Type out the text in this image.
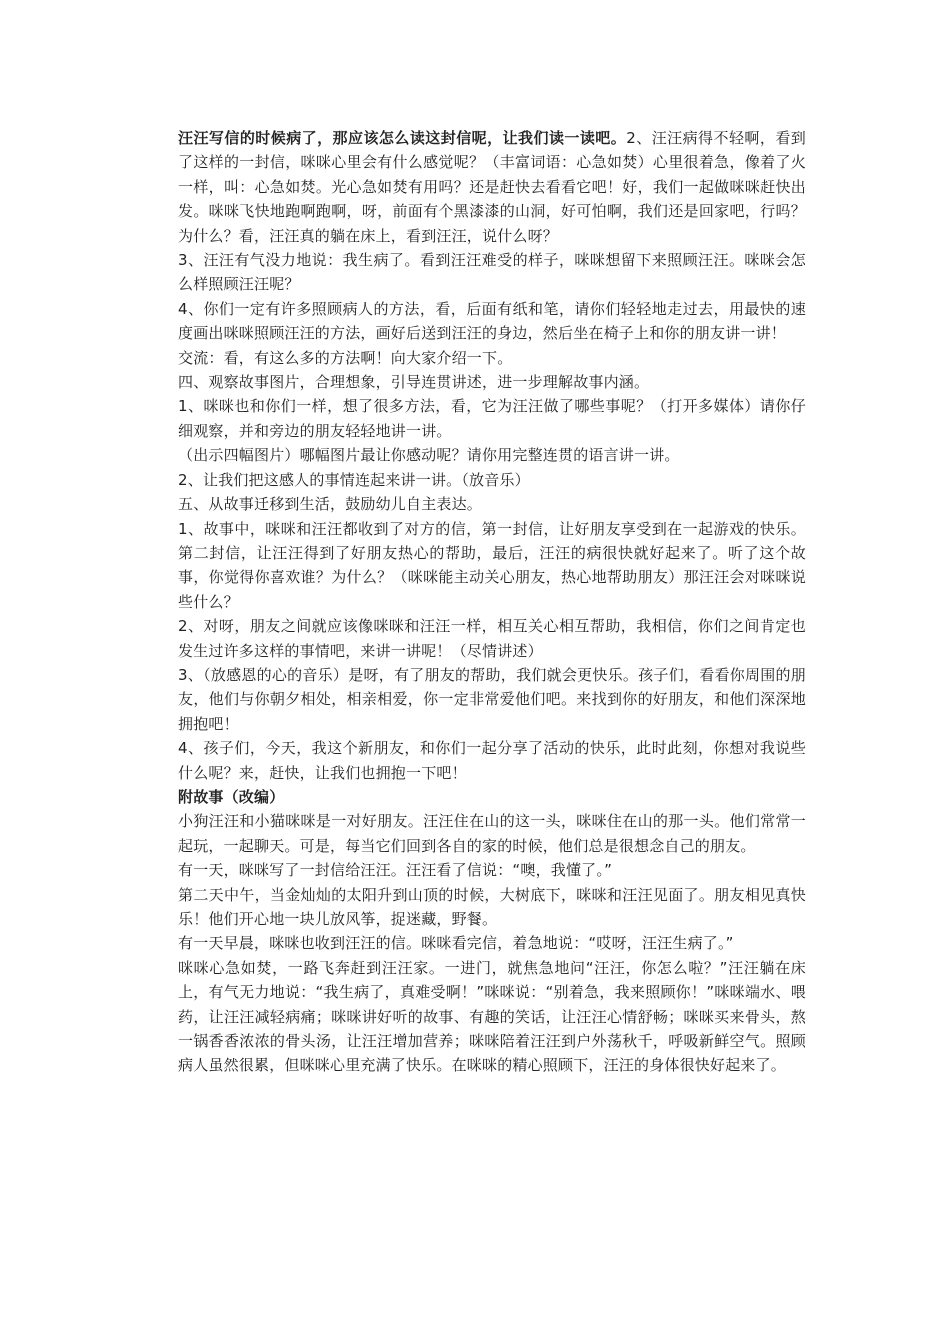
汪汪写信的时候病了，那应该怎么读这封信呢，让我们读一读吧。2、汪汪病得不轻啊，看到了这样的一封信，咪咪心里会有什么感觉呢？（丰富词语：心急如焚）心里很着急，像着了火一样，叫：心急如焚。光心急如焚有用吗？还是赶快去看看它吧！好，我们一起做咪咪赶快出发。咪咪飞快地跑啊跑啊，呀，前面有个黑漆漆的山洞，好可怕啊，我们还是回家吧，行吗？为什么？看，汪汪真的躺在床上，看到汪汪，说什么呀？

3、汪汪有气没力地说：我生病了。看到汪汪难受的样子，咪咪想留下来照顾汪汪。咪咪会怎么样照顾汪汪呢？

4、你们一定有许多照顾病人的方法，看，后面有纸和笔，请你们轻轻地走过去，用最快的速度画出咪咪照顾汪汪的方法，画好后送到汪汪的身边，然后坐在椅子上和你的朋友讲一讲！

交流：看，有这么多的方法啊！向大家介绍一下。

四、观察故事图片，合理想象，引导连贯讲述，进一步理解故事内涵。

1、咪咪也和你们一样，想了很多方法，看，它为汪汪做了哪些事呢？（打开多媒体）请你仔细观察，并和旁边的朋友轻轻地讲一讲。

（出示四幅图片）哪幅图片最让你感动呢？请你用完整连贯的语言讲一讲。

2、让我们把这感人的事情连起来讲一讲。（放音乐）

五、从故事迁移到生活，鼓励幼儿自主表达。

1、故事中，咪咪和汪汪都收到了对方的信，第一封信，让好朋友享受到在一起游戏的快乐。第二封信，让汪汪得到了好朋友热心的帮助，最后，汪汪的病很快就好起来了。听了这个故事，你觉得你喜欢谁？为什么？（咪咪能主动关心朋友，热心地帮助朋友）那汪汪会对咪咪说些什么？

2、对呀，朋友之间就应该像咪咪和汪汪一样，相互关心相互帮助，我相信，你们之间肯定也发生过许多这样的事情吧，来讲一讲呢！（尽情讲述）

3、（放感恩的心的音乐）是呀，有了朋友的帮助，我们就会更快乐。孩子们，看看你周围的朋友，他们与你朝夕相处，相亲相爱，你一定非常爱他们吧。来找到你的好朋友，和他们深深地拥抱吧！

4、孩子们，今天，我这个新朋友，和你们一起分享了活动的快乐，此时此刻，你想对我说些什么呢？来，赶快，让我们也拥抱一下吧！

附故事（改编）

小狗汪汪和小猫咪咪是一对好朋友。汪汪住在山的这一头，咪咪住在山的那一头。他们常常一起玩，一起聊天。可是，每当它们回到各自的家的时候，他们总是很想念自己的朋友。

有一天，咪咪写了一封信给汪汪。汪汪看了信说：“噢，我懂了。”

第二天中午，当金灿灿的太阳升到山顶的时候，大树底下，咪咪和汪汪见面了。朋友相见真快乐！他们开心地一块儿放风筝，捉迷藏，野餐。

有一天早晨，咪咪也收到汪汪的信。咪咪看完信，着急地说：“哎呀，汪汪生病了。”

咪咪心急如焚，一路飞奔赶到汪汪家。一进门，就焦急地问“汪汪，你怎么啦？”汪汪躺在床上，有气无力地说：“我生病了，真难受啊！”咪咪说：“别着急，我来照顾你！”咪咪端水、喂药，让汪汪减轻病痛；咪咪讲好听的故事、有趣的笑话，让汪汪心情舒畅；咪咪买来骨头，熬一锅香香浓浓的骨头汤，让汪汪增加营养；咪咪陪着汪汪到户外荡秋千，呼吸新鲜空气。照顾病人虽然很累，但咪咪心里充满了快乐。在咪咪的精心照顾下，汪汪的身体很快好起来了。
